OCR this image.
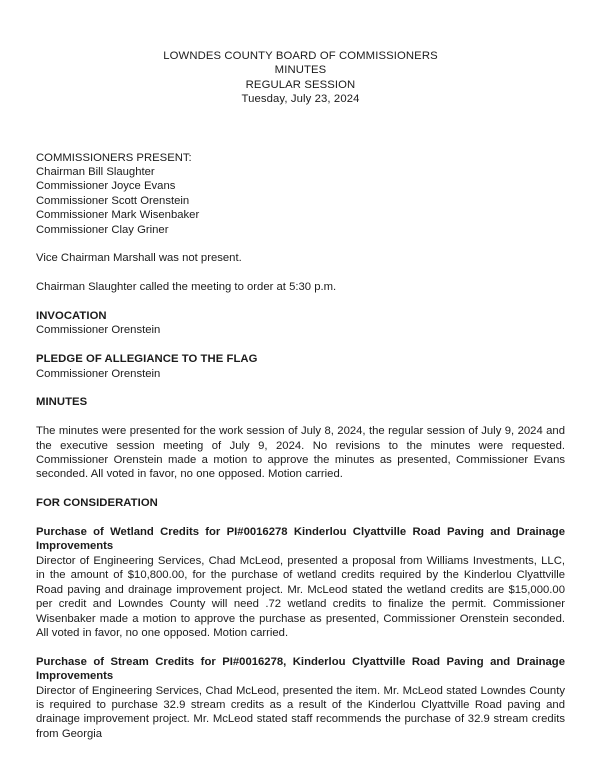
LOWNDES COUNTY BOARD OF COMMISSIONERS
MINUTES
REGULAR SESSION
Tuesday, July 23, 2024
COMMISSIONERS PRESENT:
Chairman Bill Slaughter
Commissioner Joyce Evans
Commissioner Scott Orenstein
Commissioner Mark Wisenbaker
Commissioner Clay Griner
Vice Chairman Marshall was not present.
Chairman Slaughter called the meeting to order at 5:30 p.m.
INVOCATION
Commissioner Orenstein
PLEDGE OF ALLEGIANCE TO THE FLAG
Commissioner Orenstein
MINUTES
The minutes were presented for the work session of July 8, 2024, the regular session of July 9, 2024 and the executive session meeting of July 9, 2024. No revisions to the minutes were requested. Commissioner Orenstein made a motion to approve the minutes as presented, Commissioner Evans seconded. All voted in favor, no one opposed. Motion carried.
FOR CONSIDERATION
Purchase of Wetland Credits for PI#0016278 Kinderlou Clyattville Road Paving and Drainage Improvements
Director of Engineering Services, Chad McLeod, presented a proposal from Williams Investments, LLC, in the amount of $10,800.00, for the purchase of wetland credits required by the Kinderlou Clyattville Road paving and drainage improvement project. Mr. McLeod stated the wetland credits are $15,000.00 per credit and Lowndes County will need .72 wetland credits to finalize the permit. Commissioner Wisenbaker made a motion to approve the purchase as presented, Commissioner Orenstein seconded. All voted in favor, no one opposed. Motion carried.
Purchase of Stream Credits for PI#0016278, Kinderlou Clyattville Road Paving and Drainage Improvements
Director of Engineering Services, Chad McLeod, presented the item. Mr. McLeod stated Lowndes County is required to purchase 32.9 stream credits as a result of the Kinderlou Clyattville Road paving and drainage improvement project. Mr. McLeod stated staff recommends the purchase of 32.9 stream credits from Georgia
